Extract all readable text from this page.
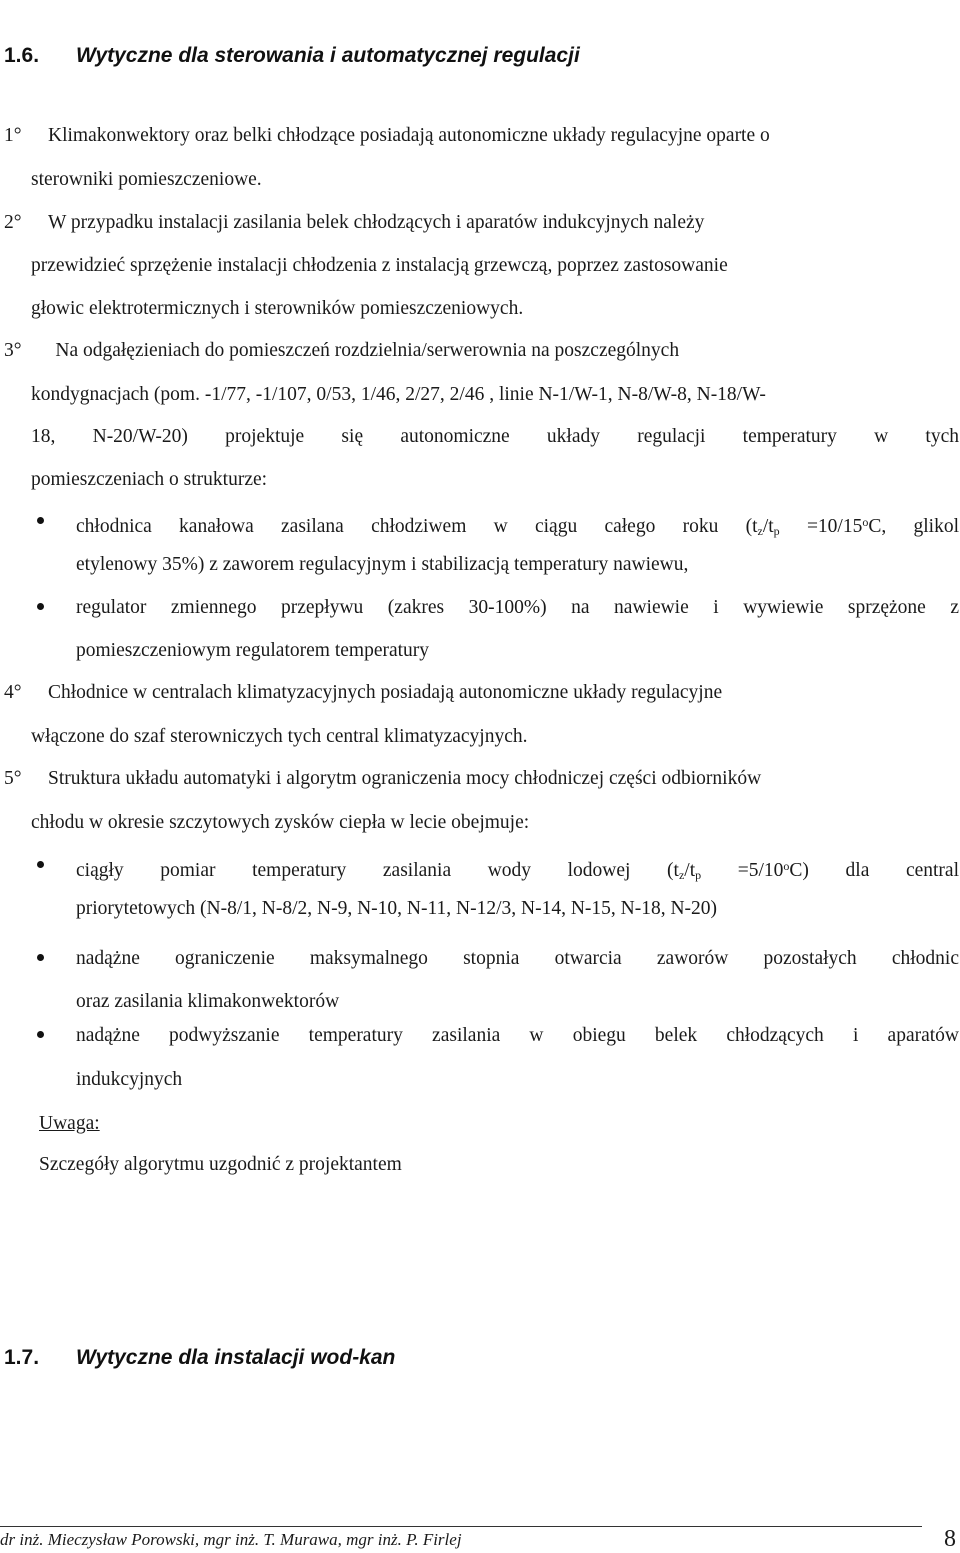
1.6. Wytyczne dla sterowania i automatycznej regulacji
1° Klimakonwektory oraz belki chłodzące posiadają autonomiczne układy regulacyjne oparte o
sterowniki pomieszczeniowe.
2° W przypadku instalacji zasilania belek chłodzących i aparatów indukcyjnych należy
przewidzieć sprzężenie instalacji chłodzenia z instalacją grzewczą, poprzez zastosowanie
głowic elektrotermicznych i sterowników pomieszczeniowych.
3°	Na odgałęzieniach do pomieszczeń rozdzielnia/serwerownia na poszczególnych
kondygnacjach (pom. -1/77, -1/107, 0/53, 1/46, 2/27, 2/46 , linie N-1/W-1, N-8/W-8, N-18/W-
18, N-20/W-20) projektuje się autonomiczne układy regulacji temperatury w tych
pomieszczeniach o strukturze:
chłodnica kanałowa zasilana chłodziwem w ciągu całego roku ($t_z/t_p =10/15^oC$, glikol
etylenowy 35%) z zaworem regulacyjnym i stabilizacją temperatury nawiewu,
regulator zmiennego przepływu (zakres 30-100%) na nawiewie i wywiewie sprzężone z
pomieszczeniowym regulatorem temperatury
4° Chłodnice w centralach klimatyzacyjnych posiadają autonomiczne układy regulacyjne
włączone do szaf sterowniczych tych central klimatyzacyjnych.
5° Struktura układu automatyki i algorytm ograniczenia mocy chłodniczej części odbiorników
chłodu w okresie szczytowych zysków ciepła w lecie obejmuje:
ciągły pomiar temperatury zasilania wody lodowej $(t_z/t_p =5/10^oC)$ dla central
priorytetowych (N-8/1, N-8/2, N-9, N-10, N-11, N-12/3, N-14, N-15, N-18, N-20)
nadążne ograniczenie maksymalnego stopnia otwarcia zaworów pozostałych chłodnic
oraz zasilania klimakonwektorów
nadążne podwyższanie temperatury zasilania w obiegu belek chłodzących i aparatów
indukcyjnych
Uwaga:
Szczegóły algorytmu uzgodnić z projektantem
1.7. Wytyczne dla instalacji wod-kan
dr inż. Mieczysław Porowski, mgr inż. T. Murawa, mgr inż. P. Firlej	8
